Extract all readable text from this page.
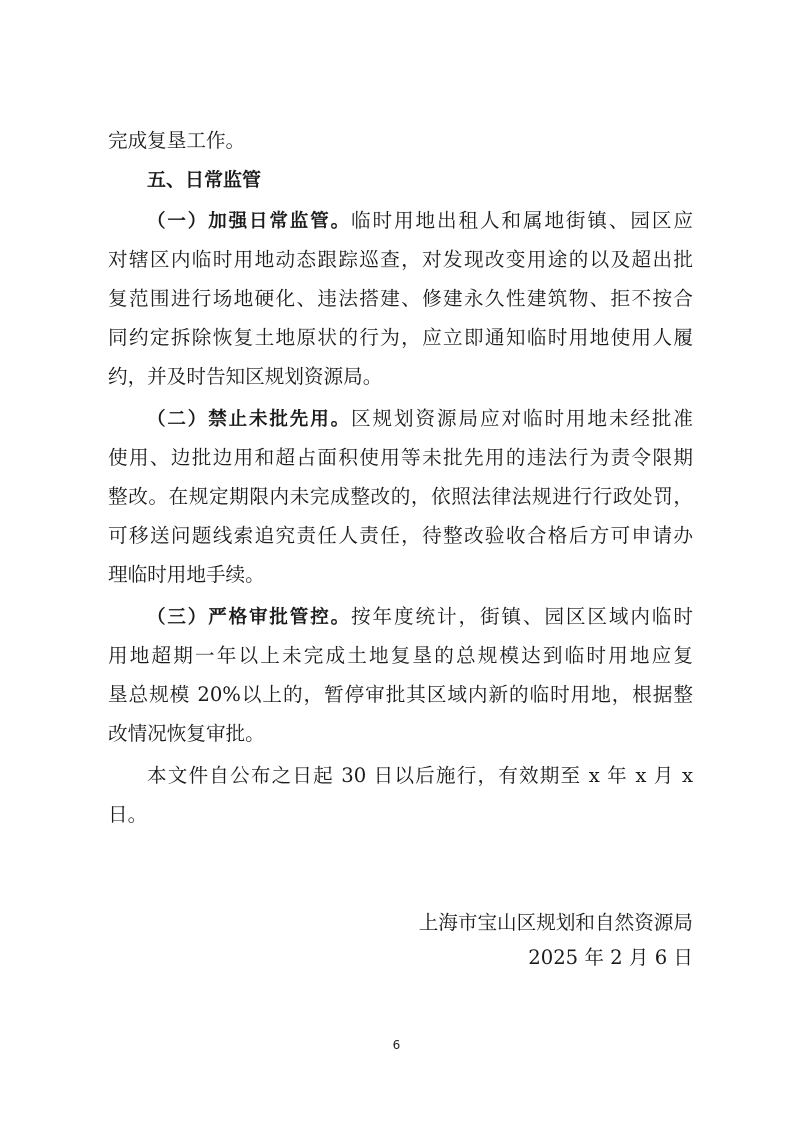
完成复垦工作。
五、日常监管
（一）加强日常监管。临时用地出租人和属地街镇、园区应
对辖区内临时用地动态跟踪巡查，对发现改变用途的以及超出批
复范围进行场地硬化、违法搭建、修建永久性建筑物、拒不按合
同约定拆除恢复土地原状的行为，应立即通知临时用地使用人履
约，并及时告知区规划资源局。
（二）禁止未批先用。区规划资源局应对临时用地未经批准
使用、边批边用和超占面积使用等未批先用的违法行为责令限期
整改。在规定期限内未完成整改的，依照法律法规进行行政处罚，
可移送问题线索追究责任人责任，待整改验收合格后方可申请办
理临时用地手续。
（三）严格审批管控。按年度统计，街镇、园区区域内临时
用地超期一年以上未完成土地复垦的总规模达到临时用地应复
垦总规模 20%以上的，暂停审批其区域内新的临时用地，根据整
改情况恢复审批。
本文件自公布之日起 30 日以后施行，有效期至 x 年 x 月 x
日。
上海市宝山区规划和自然资源局
2025 年 2 月 6 日
6
